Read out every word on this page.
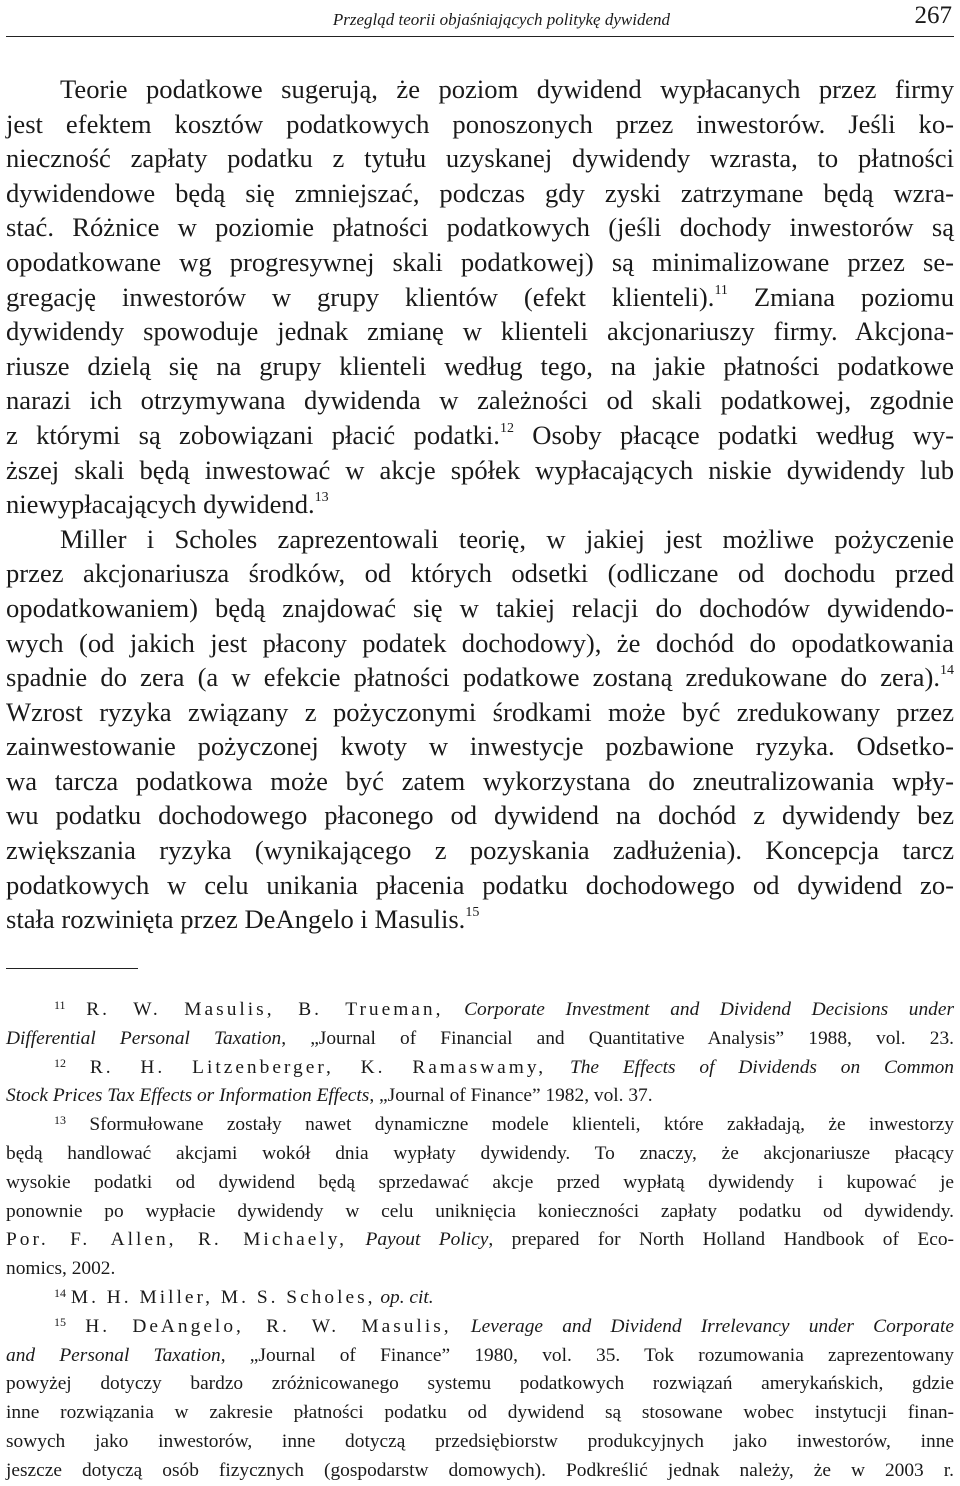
Przegląd teorii objaśniających politykę dywidend	267
Teorie podatkowe sugerują, że poziom dywidend wypłacanych przez firmy
jest efektem kosztów podatkowych ponoszonych przez inwestorów. Jeśli ko-
nieczność zapłaty podatku z tytułu uzyskanej dywidendy wzrasta, to płatności
dywidendowe będą się zmniejszać, podczas gdy zyski zatrzymane będą wzra-
stać. Różnice w poziomie płatności podatkowych (jeśli dochody inwestorów są
opodatkowane wg progresywnej skali podatkowej) są minimalizowane przez se-
gregację inwestorów w grupy klientów (efekt klienteli).$^{11}$ Zmiana poziomu
dywidendy spowoduje jednak zmianę w klienteli akcjonariuszy firmy. Akcjona-
riusze dzielą się na grupy klienteli według tego, na jakie płatności podatkowe
narazi ich otrzymywana dywidenda w zależności od skali podatkowej, zgodnie
z którymi są zobowiązani płacić podatki.$^{12}$ Osoby płacące podatki według wy-
ższej skali będą inwestować w akcje spółek wypłacających niskie dywidendy lub
niewypłacających dywidend.$^{13}$
Miller i Scholes zaprezentowali teorię, w jakiej jest możliwe pożyczenie
przez akcjonariusza środków, od których odsetki (odliczane od dochodu przed
opodatkowaniem) będą znajdować się w takiej relacji do dochodów dywidendo-
wych (od jakich jest płacony podatek dochodowy), że dochód do opodatkowania
spadnie do zera (a w efekcie płatności podatkowe zostaną zredukowane do zera).$^{14}$
Wzrost ryzyka związany z pożyczonymi środkami może być zredukowany przez
zainwestowanie pożyczonej kwoty w inwestycje pozbawione ryzyka. Odsetko-
wa tarcza podatkowa może być zatem wykorzystana do zneutralizowania wpły-
wu podatku dochodowego płaconego od dywidend na dochód z dywidendy bez
zwiększania ryzyka (wynikającego z pozyskania zadłużenia). Koncepcja tarcz
podatkowych w celu unikania płacenia podatku dochodowego od dywidend zo-
stała rozwinięta przez DeAngelo i Masulis.$^{15}$
$^{11}$ R. W. Masulis, B. Trueman, Corporate Investment and Dividend Decisions under
Differential Personal Taxation, „Journal of Financial and Quantitative Analysis” 1988, vol. 23.
$^{12}$ R. H. Litzenberger, K. Ramaswamy, The Effects of Dividends on Common
Stock Prices Tax Effects or Information Effects, „Journal of Finance” 1982, vol. 37.
$^{13}$ Sformułowane zostały nawet dynamiczne modele klienteli, które zakładają, że inwestorzy
będą handlować akcjami wokół dnia wypłaty dywidendy. To znaczy, że akcjonariusze płacący
wysokie podatki od dywidend będą sprzedawać akcje przed wypłatą dywidendy i kupować je
ponownie po wypłacie dywidendy w celu uniknięcia konieczności zapłaty podatku od dywidendy.
Por. F. Allen, R. Michaely, Payout Policy, prepared for North Holland Handbook of Eco-
nomics, 2002.
$^{14}$ M. H. Miller, M. S. Scholes, op. cit.
$^{15}$ H. DeAngelo, R. W. Masulis, Leverage and Dividend Irrelevancy under Corporate
and Personal Taxation, „Journal of Finance” 1980, vol. 35. Tok rozumowania zaprezentowany
powyżej dotyczy bardzo zróżnicowanego systemu podatkowych rozwiązań amerykańskich, gdzie
inne rozwiązania w zakresie płatności podatku od dywidend są stosowane wobec instytucji finan-
sowych jako inwestorów, inne dotyczą przedsiębiorstw produkcyjnych jako inwestorów, inne
jeszcze dotyczą osób fizycznych (gospodarstw domowych). Podkreślić jednak należy, że w 2003 r.
